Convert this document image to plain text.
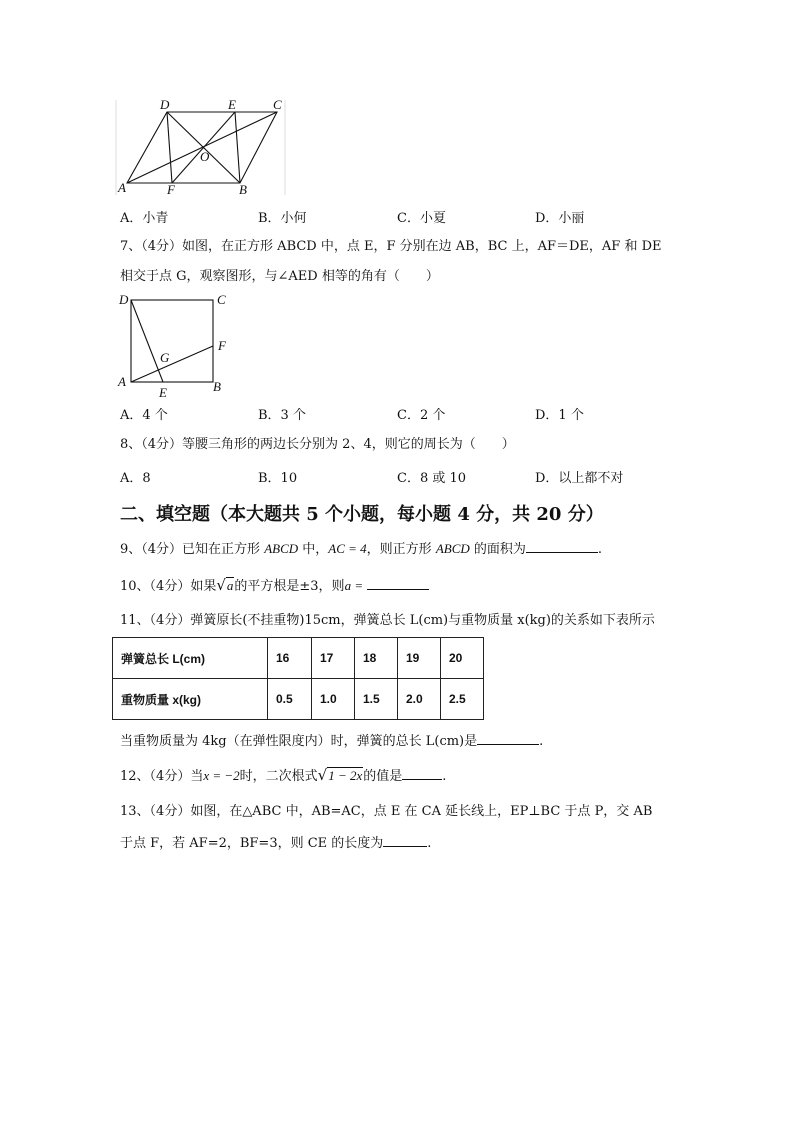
D	E	C
O
A	F	B
A．小青	B．小何	C．小夏	D．小丽
7、（4分）如图，在正方形 ABCD 中，点 E，F 分别在边 AB，BC 上，AF＝DE，AF 和 DE
相交于点 G，观察图形，与∠AED 相等的角有（　　）
D	C
G
F
A
E	B
A．4 个	B．3 个	C．2 个	D．1 个
8、（4分）等腰三角形的两边长分别为 2、4，则它的周长为（　　）
A．8	B．10	C．8 或 10	D．以上都不对
二、填空题（本大题共 5 个小题，每小题 4 分，共 20 分）
9、（4分）已知在正方形 ABCD 中，AC = 4，则正方形 ABCD 的面积为	.
10、（4分）如果√a的平方根是±3，则a =
11、（4分）弹簧原长(不挂重物)15cm，弹簧总长 L(cm)与重物质量 x(kg)的关系如下表所示
弹簧总长 L(cm)	16	17	18	19	20
重物质量 x(kg)	0.5	1.0	1.5	2.0	2.5
当重物质量为 4kg（在弹性限度内）时，弹簧的总长 L(cm)是	.
12、（4分）当x = −2时，二次根式√1 − 2x的值是	.
13、（4分）如图，在△ABC 中，AB=AC，点 E 在 CA 延长线上，EP⊥BC 于点 P，交 AB
于点 F，若 AF=2，BF=3，则 CE 的长度为	.
